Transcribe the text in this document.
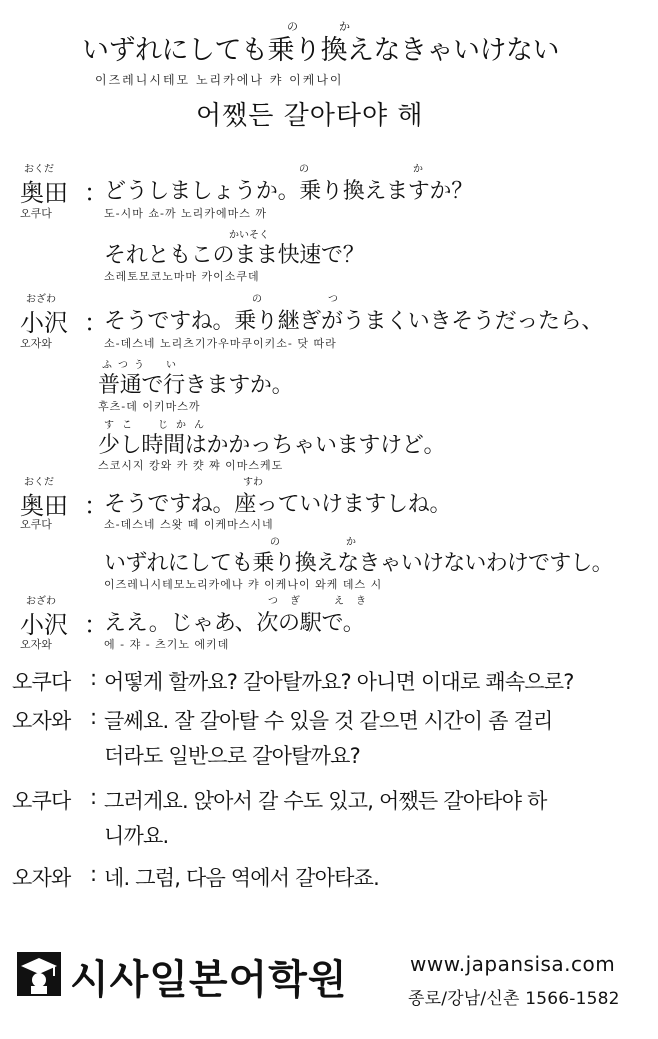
の	か
いずれにしても乗り換えなきゃいけない
이즈레니시테모 노리카에나 캬 이케나이
어쨌든 갈아타야 해
おくだ
奥田
오쿠다
：
の　　か
どうしましょうか。乗り換えますか？
도-시마 쇼-까 노리카에마스 까
かいそく
それともこのまま快速で？
소레토모코노마마 카이소쿠데
おざわ
小沢
오자와
：
の　つ
そうですね。乗り継ぎがうまくいきそうだったら、
소-데스네 노리츠기가우마쿠이키소- 닷 따라
ふつう　い
普通で行きますか。
후츠-데 이키마스까
すこ　じかん
少し時間はかかっちゃいますけど。
스코시지 캉와 카 캿 쨔 이마스케도
おくだ
奥田
오쿠다
：
すわ
そうですね。座っていけますしね。
소-데스네 스왓 떼 이케마스시네
の　か
いずれにしても乗り換えなきゃいけないわけですし。
이즈레니시테모노리카에나 캬 이케나이 와케 데스 시
おざわ
小沢
오자와
：
つぎ　えき
ええ。じゃあ、次の駅で。
에 - 쟈 - 츠기노 에키데
오쿠다 : 어떻게 할까요? 갈아탈까요? 아니면 이대로 쾌속으로?
오자와 : 글쎄요. 잘 갈아탈 수 있을 것 같으면 시간이 좀 걸리
더라도 일반으로 갈아탈까요?
오쿠다 : 그러게요. 앉아서 갈 수도 있고, 어쨌든 갈아타야 하
니까요.
오자와 : 네. 그럼, 다음 역에서 갈아타죠.
시사일본어학원	www.japansisa.com
종로/강남/신촌 1566-1582
